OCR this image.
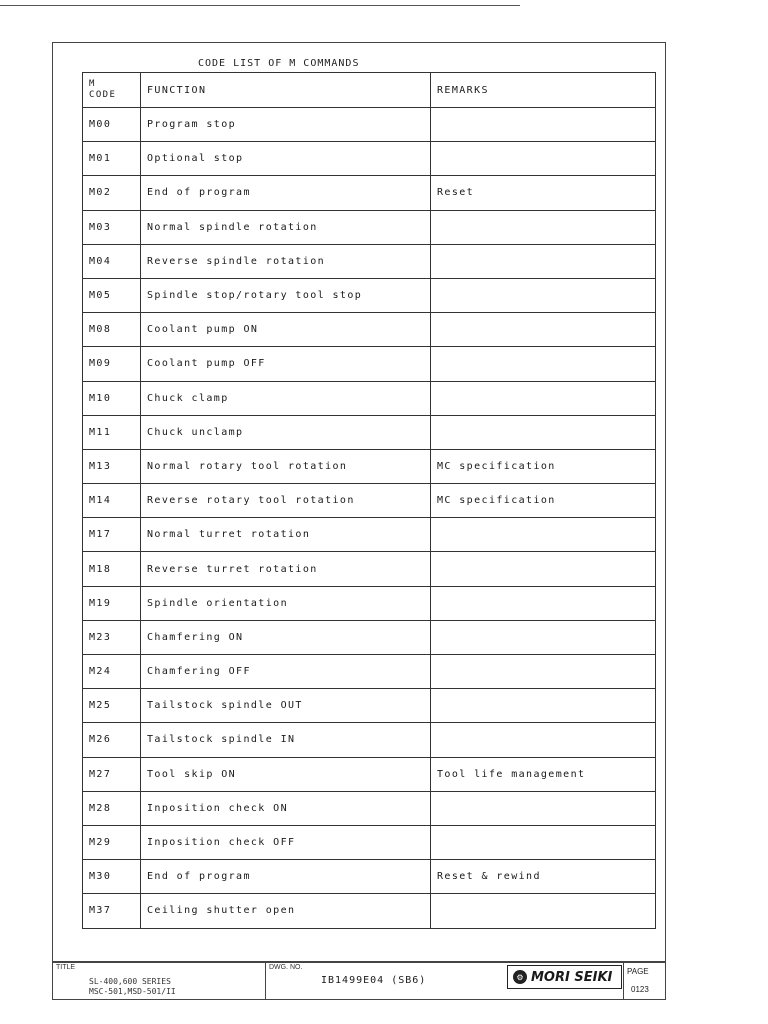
CODE LIST OF M COMMANDS
M
CODE	FUNCTION	REMARKS
M00	Program stop	
M01	Optional stop	
M02	End of program	Reset
M03	Normal spindle rotation	
M04	Reverse spindle rotation	
M05	Spindle stop/rotary tool stop	
M08	Coolant pump ON	
M09	Coolant pump OFF	
M10	Chuck clamp	
M11	Chuck unclamp	
M13	Normal rotary tool rotation	MC specification
M14	Reverse rotary tool rotation	MC specification
M17	Normal turret rotation	
M18	Reverse turret rotation	
M19	Spindle orientation	
M23	Chamfering ON	
M24	Chamfering OFF	
M25	Tailstock spindle OUT	
M26	Tailstock spindle IN	
M27	Tool skip ON	Tool life management
M28	Inposition check ON	
M29	Inposition check OFF	
M30	End of program	Reset & rewind
M37	Ceiling shutter open	
TITLE
SL-400,600 SERIES
MSC-501,MSD-501/II
DWG. NO.
IB1499E04 (SB6)
PAGE
0123
⚙ MORI SEIKI
